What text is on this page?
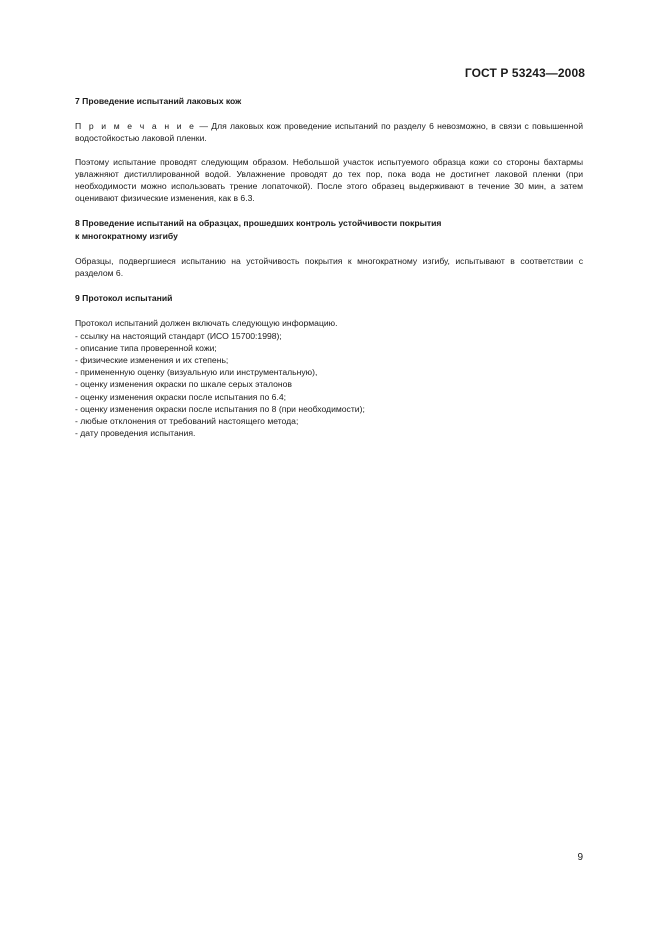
ГОСТ Р 53243—2008

7 Проведение испытаний лаковых кож

П р и м е ч а н и е — Для лаковых кож проведение испытаний по разделу 6 невозможно, в связи с повышенной водостойкостью лаковой пленки.

Поэтому испытание проводят следующим образом. Небольшой участок испытуемого образца кожи со стороны бахтармы увлажняют дистиллированной водой. Увлажнение проводят до тех пор, пока вода не достигнет лаковой пленки (при необходимости можно использовать трение лопаточкой). После этого образец выдерживают в течение 30 мин, а затем оценивают физические изменения, как в 6.3.

8 Проведение испытаний на образцах, прошедших контроль устойчивости покрытия

к многократному изгибу

Образцы, подвергшиеся испытанию на устойчивость покрытия к многократному изгибу, испытывают в соответствии с разделом 6.

9 Протокол испытаний

Протокол испытаний должен включать следующую информацию.

- ссылку на настоящий стандарт (ИСО 15700:1998);
- описание типа проверенной кожи;
- физические изменения и их степень;
- примененную оценку (визуальную или инструментальную),
- оценку изменения окраски по шкале серых эталонов
- оценку изменения окраски после испытания по 6.4;
- оценку изменения окраски после испытания по 8 (при необходимости);
- любые отклонения от требований настоящего метода;
- дату проведения испытания.
9
